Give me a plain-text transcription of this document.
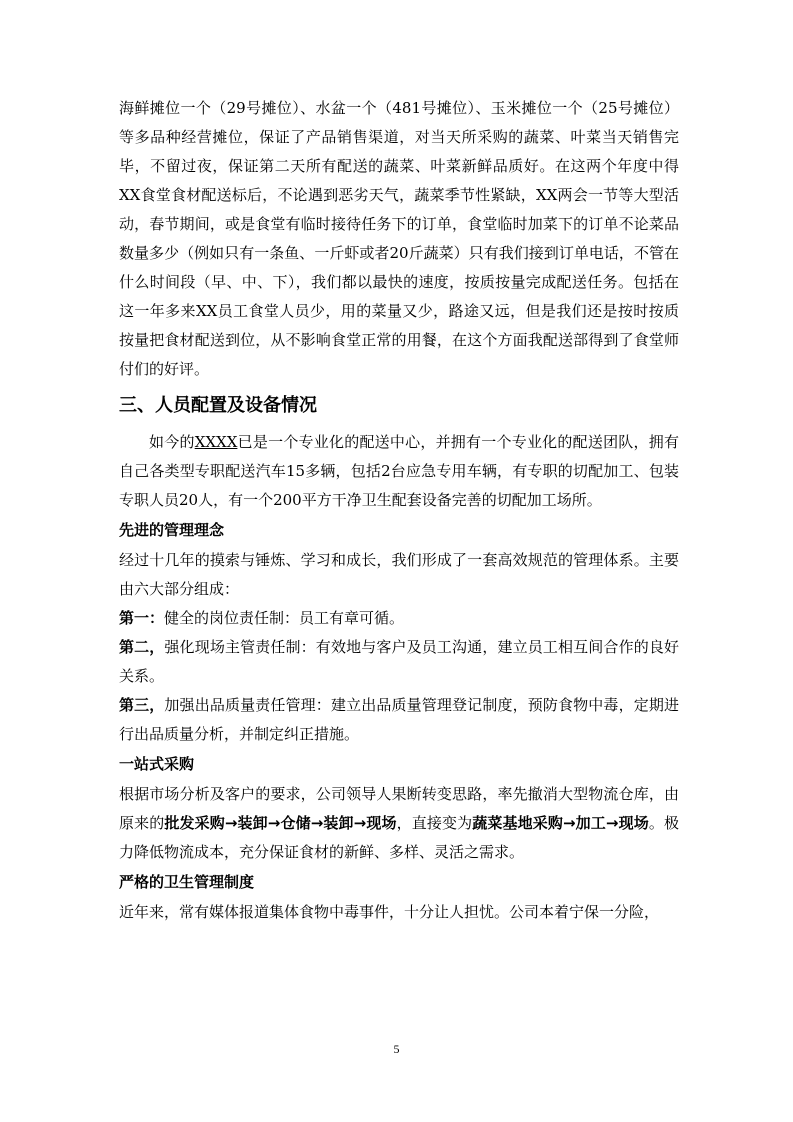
海鲜摊位一个（29号摊位）、水盆一个（481号摊位）、玉米摊位一个（25号摊位）等多品种经营摊位，保证了产品销售渠道，对当天所采购的蔬菜、叶菜当天销售完毕，不留过夜，保证第二天所有配送的蔬菜、叶菜新鲜品质好。在这两个年度中得XX食堂食材配送标后，不论遇到恶劣天气，蔬菜季节性紧缺，XX两会一节等大型活动，春节期间，或是食堂有临时接待任务下的订单，食堂临时加菜下的订单不论菜品数量多少（例如只有一条鱼、一斤虾或者20斤蔬菜）只有我们接到订单电话，不管在什么时间段（早、中、下），我们都以最快的速度，按质按量完成配送任务。包括在这一年多来XX员工食堂人员少，用的菜量又少，路途又远，但是我们还是按时按质按量把食材配送到位，从不影响食堂正常的用餐，在这个方面我配送部得到了食堂师付们的好评。

三、人员配置及设备情况

如今的XXXX已是一个专业化的配送中心，并拥有一个专业化的配送团队，拥有自己各类型专职配送汽车15多辆，包括2台应急专用车辆，有专职的切配加工、包装专职人员20人，有一个200平方干净卫生配套设备完善的切配加工场所。

先进的管理理念

经过十几年的摸索与锤炼、学习和成长，我们形成了一套高效规范的管理体系。主要由六大部分组成：

第一：健全的岗位责任制：员工有章可循。

第二，强化现场主管责任制：有效地与客户及员工沟通，建立员工相互间合作的良好关系。

第三，加强出品质量责任管理：建立出品质量管理登记制度，预防食物中毒，定期进行出品质量分析，并制定纠正措施。

一站式采购

根据市场分析及客户的要求，公司领导人果断转变思路，率先撤消大型物流仓库，由原来的批发采购→装卸→仓储→装卸→现场，直接变为蔬菜基地采购→加工→现场。极力降低物流成本，充分保证食材的新鲜、多样、灵活之需求。

严格的卫生管理制度

近年来，常有媒体报道集体食物中毒事件，十分让人担忧。公司本着宁保一分险，

5
